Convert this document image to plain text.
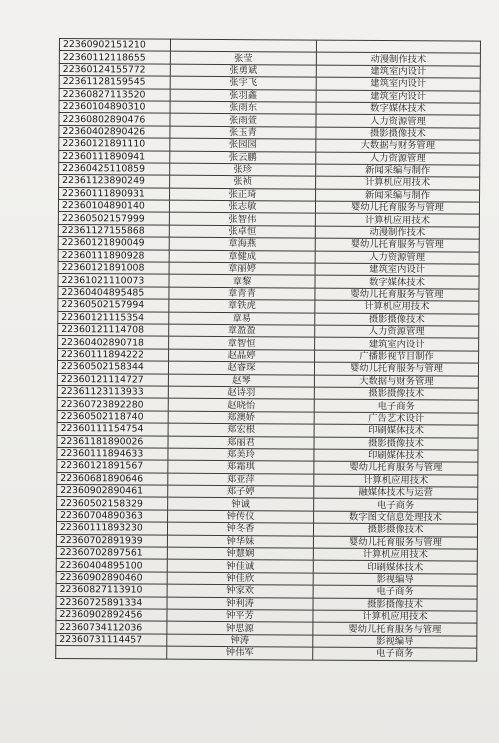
22360902151210		
22360112118655	张莹	动漫制作技术
22360124155772	张勇斌	建筑室内设计
22361128159545	张宇飞	建筑室内设计
22360827113520	张羽鑫	建筑室内设计
22360104890310	张雨东	数字媒体技术
22360802890476	张雨萱	人力资源管理
22360402890426	张玉青	摄影摄像技术
22360121891110	张园园	大数据与财务管理
22360111890941	张云鹏	人力资源管理
22360425110859	张珍	新闻采编与制作
22361123890249	张祯	计算机应用技术
22360111890931	张正琦	新闻采编与制作
22360104890140	张志敏	婴幼儿托育服务与管理
22360502157999	张智伟	计算机应用技术
22361127155868	张卓恒	动漫制作技术
22360121890049	章海燕	婴幼儿托育服务与管理
22360111890928	章健成	人力资源管理
22360121891008	章丽婷	建筑室内设计
22361021110073	章黎	数字媒体技术
22360404895485	章青青	婴幼儿托育服务与管理
22360502157994	章铁虎	计算机应用技术
22360121115354	章易	摄影摄像技术
22360121114708	章盈盈	人力资源管理
22360402890718	章智恒	建筑室内设计
22360111894222	赵晶婷	广播影视节目制作
22360502158344	赵睿琛	婴幼儿托育服务与管理
22360121114727	赵琴	大数据与财务管理
22361123113933	赵诗羽	摄影摄像技术
22360723892280	赵晓怡	电子商务
22360502118740	郑澳娇	广告艺术设计
22360111154754	郑宏根	印刷媒体技术
22361181890026	郑丽君	摄影摄像技术
22360111894633	郑美玲	印刷媒体技术
22360121891567	郑霜琪	婴幼儿托育服务与管理
22360681890646	郑亚萍	计算机应用技术
22360902890461	郑子婷	融媒体技术与运营
22360502158329	钟诚	电子商务
22360704890363	钟传仪	数字图文信息处理技术
22360111893230	钟冬香	摄影摄像技术
22360702891939	钟华妹	婴幼儿托育服务与管理
22360702897561	钟慧娴	计算机应用技术
22360404895100	钟佳诚	印刷媒体技术
22360902890460	钟佳欣	影视编导
22360827113910	钟家欢	电子商务
22360725891334	钟利涛	摄影摄像技术
22360902892456	钟平芳	计算机应用技术
22360734112036	钟思源	婴幼儿托育服务与管理
22360731114457	钟涛	影视编导
	钟伟军	电子商务
